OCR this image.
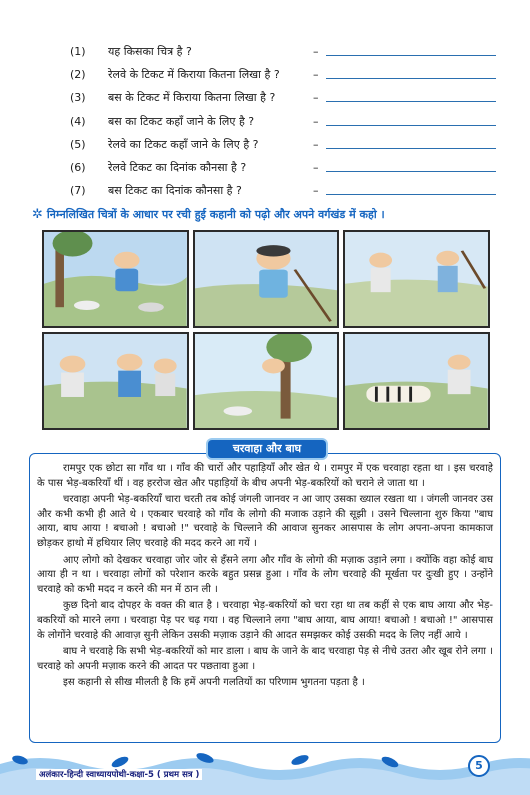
(1)	यह किसका चित्र है ?	–
(2)	रेलवे के टिकट में किराया कितना लिखा है ?	–
(3)	बस के टिकट में किराया कितना लिखा है ?	–
(4)	बस का टिकट कहाँ जाने के लिए है ?	–
(5)	रेलवे का टिकट कहाँ जाने के लिए है ?	–
(6)	रेलवे टिकट का दिनांक कौनसा है ?	–
(7)	बस टिकट का दिनांक कौनसा है ?	–
✲ निम्नलिखित चित्रों के आधार पर रची हुई कहानी को पढ़ो और अपने वर्गखंड में कहो ।
चरवाहा और बाघ

रामपुर एक छोटा सा गाँव था । गाँव की चारों और पहाड़ियाँ और खेत थे । रामपुर में एक चरवाहा रहता था । इस चरवाहे के पास भेड़-बकरियाँ थीं । वह हररोज खेत और पहाड़ियों के बीच अपनी भेड़-बकरियों को चराने ले जाता था ।

चरवाहा अपनी भेड़-बकरियाँ चारा चरती तब कोई जंगली जानवर न आ जाए उसका ख्याल रखता था । जंगली जानवर उस और कभी कभी ही आते थे । एकबार चरवाहे को गाँव के लोगो की मजाक उड़ाने की सूझी । उसने चिल्लाना शुरु किया "बाघ आया, बाघ आया ! बचाओ ! बचाओ !" चरवाहे के चिल्लाने की आवाज सुनकर आसपास के लोग अपना-अपना कामकाज छोड़कर हाथो में हथियार लिए चरवाहे की मदद करने आ गयें ।

आए लोगो को देखकर चरवाहा जोर जोर से हँसने लगा और गाँव के लोगो की मज़ाक उड़ाने लगा । क्योंकि वहा कोई बाघ आया ही न था । चरवाहा लोगों को परेशान करके बहुत प्रसन्न हुआ । गाँव के लोग चरवाहे की मूर्खता पर दुःखी हुए । उन्होंने चरवाहे को कभी मदद न करने की मन में ठान ली ।

कुछ दिनो बाद दोपहर के वक्त की बात है । चरवाहा भेड़-बकरियों को चरा रहा था तब कहीं से एक बाघ आया और भेड़-बकरियों को मारने लगा । चरवाहा पेड़ पर चढ़ गया । वह चिल्लाने लगा "बाघ आया, बाघ आया! बचाओ ! बचाओ !" आसपास के लोगोंने चरवाहे की आवाज़ सुनी लेकिन उसकी मज़ाक उड़ाने की आदत समझकर कोई उसकी मदद के लिए नहीं आये ।

बाघ ने चरवाहे कि सभी भेड़-बकरियों को मार डाला । बाघ के जाने के बाद चरवाहा पेड़ से नीचे उतरा और खूब रोने लगा । चरवाहे को अपनी मज़ाक करने की आदत पर पछतावा हुआ ।

इस कहानी से सीख मीलती है कि हमें अपनी गलतियों का परिणाम भुगतना पड़ता है ।

अलंकार-हिन्दी स्वाध्यायपोथी-कक्षा-5 ( प्रथम सत्र )
5
